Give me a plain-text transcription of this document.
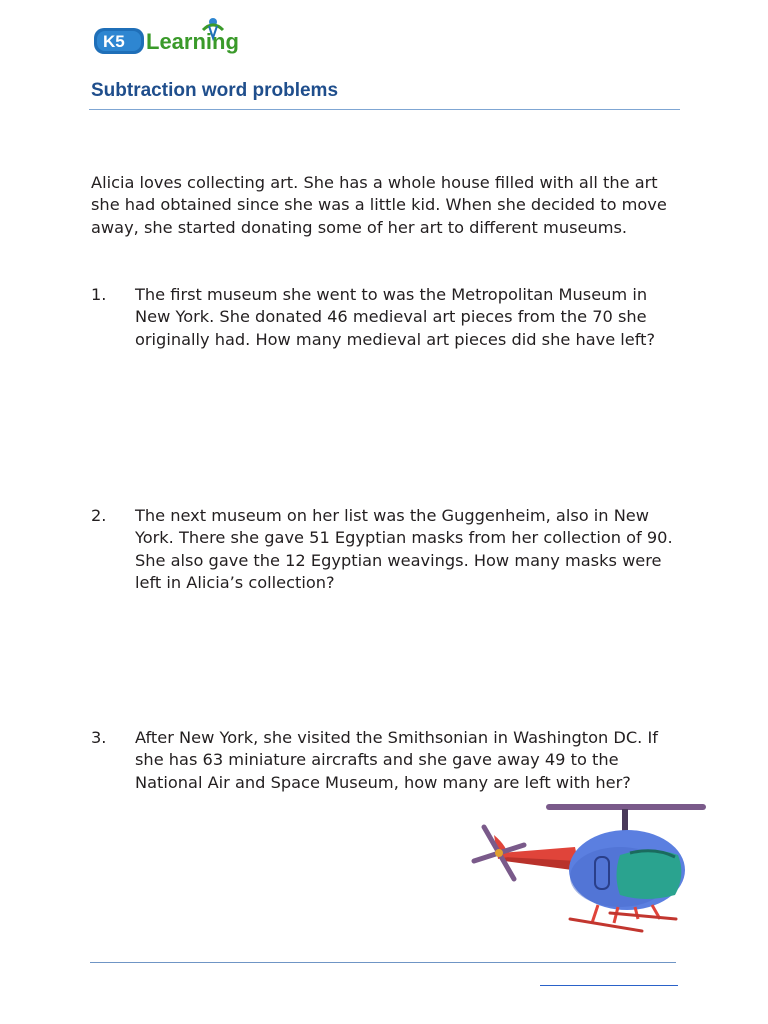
K5 Learning
Subtraction word problems

Alicia loves collecting art. She has a whole house filled with all the art she had obtained since she was a little kid. When she decided to move away, she started donating some of her art to different museums.

1. The first museum she went to was the Metropolitan Museum in New York. She donated 46 medieval art pieces from the 70 she originally had. How many medieval art pieces did she have left?

2. The next museum on her list was the Guggenheim, also in New York. There she gave 51 Egyptian masks from her collection of 90. She also gave the 12 Egyptian weavings. How many masks were left in Alicia’s collection?

3. After New York, she visited the Smithsonian in Washington DC. If she has 63 miniature aircrafts and she gave away 49 to the National Air and Space Museum, how many are left with her?
